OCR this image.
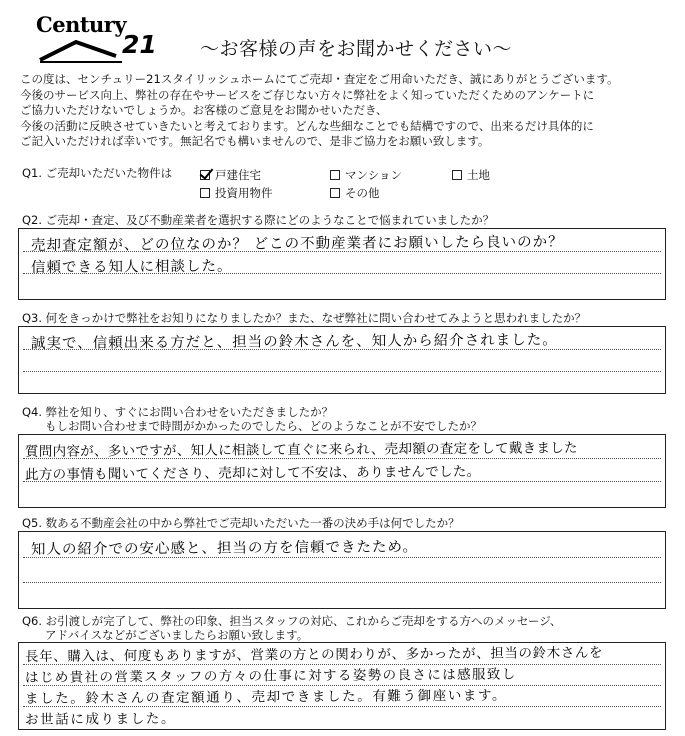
Century
21 ～お客様の声をお聞かせください～
この度は、センチュリー21スタイリッシュホームにてご売却・査定をご用命いただき、誠にありがとうございます。
今後のサービス向上、弊社の存在やサービスをご存じない方々に弊社をよく知っていただくためのアンケートに
ご協力いただけないでしょうか。お客様のご意見をお聞かせいただき、
今後の活動に反映させていきたいと考えております。どんな些細なことでも結構ですので、出来るだけ具体的に
ご記入いただければ幸いです。無記名でも構いませんので、是非ご協力をお願い致します。
Q1. ご売却いただいた物件は	戸建住宅	マンション	土地
投資用物件	その他
Q2. ご売却・査定、及び不動産業者を選択する際にどのようなことで悩まれていましたか？
売却査定額が、どの位なのか？ どこの不動産業者にお願いしたら良いのか？
信頼できる知人に相談した。
Q3. 何をきっかけで弊社をお知りになりましたか？また、なぜ弊社に問い合わせてみようと思われましたか？
誠実で、信頼出来る方だと、担当の鈴木さんを、知人から紹介されました。
Q4. 弊社を知り、すぐにお問い合わせをいただきましたか？
もしお問い合わせまで時間がかかったのでしたら、どのようなことが不安でしたか？
質問内容が、多いですが、知人に相談して直ぐに来られ、売却額の査定をして戴きました
此方の事情も聞いてくださり、売却に対して不安は、ありませんでした。
Q5. 数ある不動産会社の中から弊社でご売却いただいた一番の決め手は何でしたか？
知人の紹介での安心感と、担当の方を信頼できたため。
Q6. お引渡しが完了して、弊社の印象、担当スタッフの対応、これからご売却をする方へのメッセージ、
アドバイスなどがございましたらお願い致します。
長年、購入は、何度もありますが、営業の方との関わりが、多かったが、担当の鈴木さんを
はじめ貴社の営業スタッフの方々の仕事に対する姿勢の良さには感服致し
ました。鈴木さんの査定額通り、売却できました。有難う御座います。
お世話に成りました。
